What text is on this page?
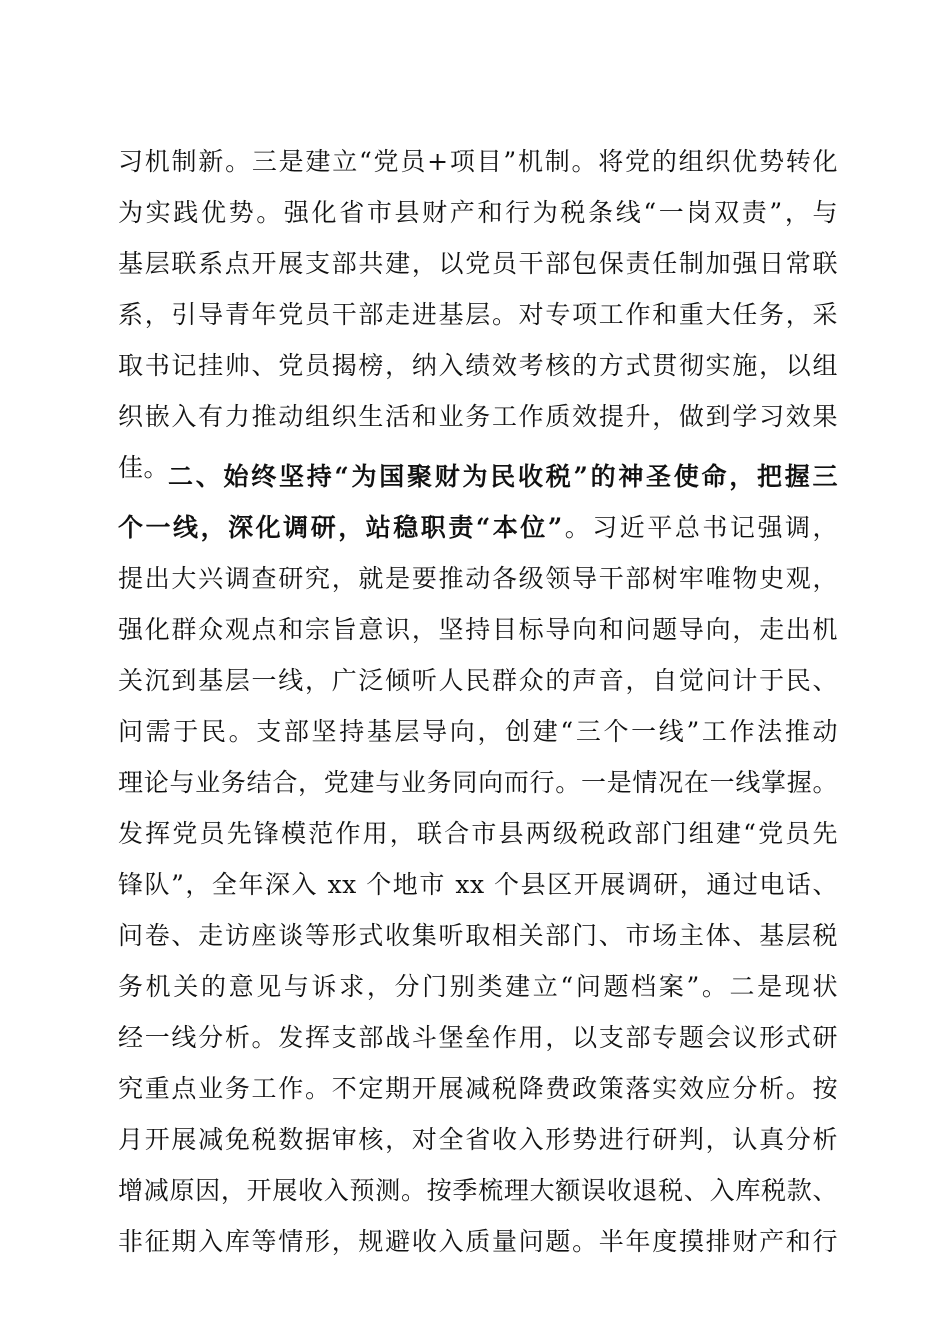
习机制新。三是建立“党员+项目”机制。将党的组织优势转化
为实践优势。强化省市县财产和行为税条线“一岗双责”，与
基层联系点开展支部共建，以党员干部包保责任制加强日常联
系，引导青年党员干部走进基层。对专项工作和重大任务，采
取书记挂帅、党员揭榜，纳入绩效考核的方式贯彻实施，以组
织嵌入有力推动组织生活和业务工作质效提升，做到学习效果
佳。
二、始终坚持“为国聚财为民收税”的神圣使命，把握三
个一线，深化调研，站稳职责“本位”。习近平总书记强调，
提出大兴调查研究，就是要推动各级领导干部树牢唯物史观，
强化群众观点和宗旨意识，坚持目标导向和问题导向，走出机
关沉到基层一线，广泛倾听人民群众的声音，自觉问计于民、
问需于民。支部坚持基层导向，创建“三个一线”工作法推动
理论与业务结合，党建与业务同向而行。一是情况在一线掌握。
发挥党员先锋模范作用，联合市县两级税政部门组建“党员先
锋队”，全年深入 xx 个地市 xx 个县区开展调研，通过电话、
问卷、走访座谈等形式收集听取相关部门、市场主体、基层税
务机关的意见与诉求，分门别类建立“问题档案”。二是现状
经一线分析。发挥支部战斗堡垒作用，以支部专题会议形式研
究重点业务工作。不定期开展减税降费政策落实效应分析。按
月开展减免税数据审核，对全省收入形势进行研判，认真分析
增减原因，开展收入预测。按季梳理大额误收退税、入库税款、
非征期入库等情形，规避收入质量问题。半年度摸排财产和行
